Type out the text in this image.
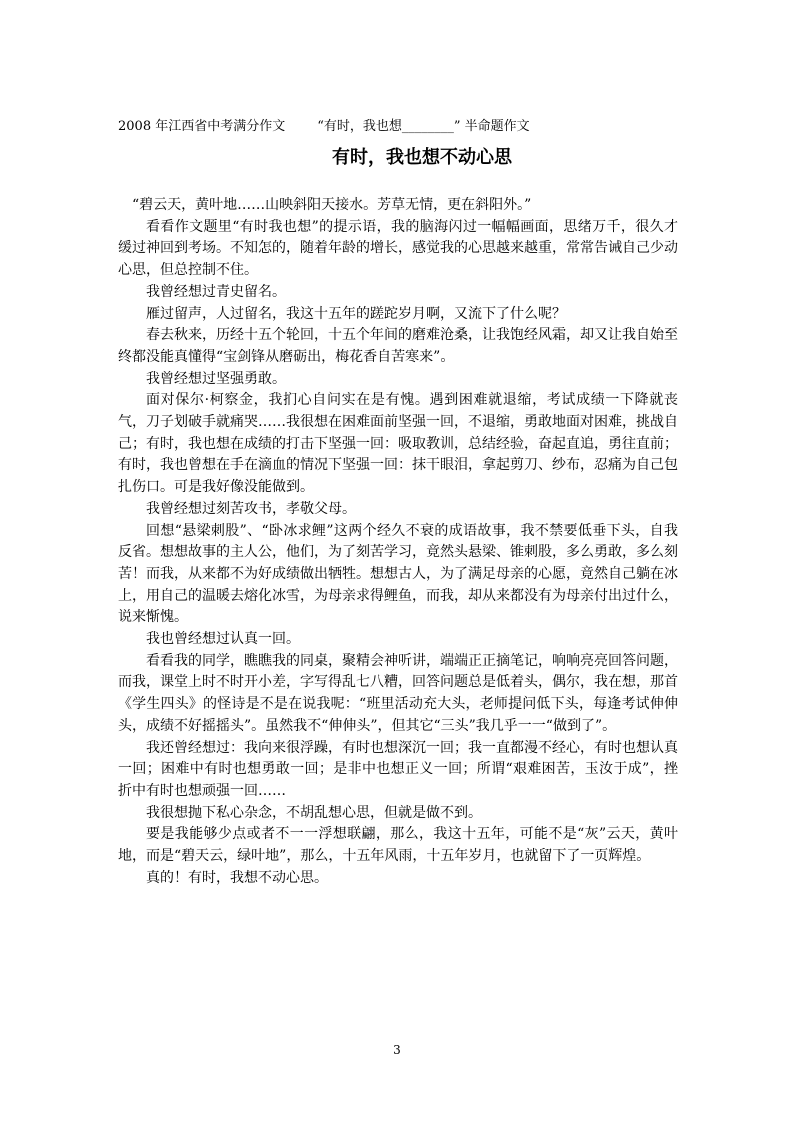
2008 年江西省中考满分作文 “有时，我也想________” 半命题作文
有时，我也想不动心思

“碧云天，黄叶地……山映斜阳天接水。芳草无情，更在斜阳外。”

看看作文题里“有时我也想”的提示语，我的脑海闪过一幅幅画面，思绪万千，很久才缓过神回到考场。不知怎的，随着年龄的增长，感觉我的心思越来越重，常常告诫自己少动心思，但总控制不住。

我曾经想过青史留名。

雁过留声，人过留名，我这十五年的蹉跎岁月啊，又流下了什么呢？

春去秋来，历经十五个轮回，十五个年间的磨难沧桑，让我饱经风霜，却又让我自始至终都没能真懂得“宝剑锋从磨砺出，梅花香自苦寒来”。

我曾经想过坚强勇敢。

面对保尔·柯察金，我扪心自问实在是有愧。遇到困难就退缩，考试成绩一下降就丧气，刀子划破手就痛哭……我很想在困难面前坚强一回，不退缩，勇敢地面对困难，挑战自己；有时，我也想在成绩的打击下坚强一回：吸取教训，总结经验，奋起直追，勇往直前；有时，我也曾想在手在滴血的情况下坚强一回：抹干眼泪，拿起剪刀、纱布，忍痛为自己包扎伤口。可是我好像没能做到。

我曾经想过刻苦攻书，孝敬父母。

回想“悬梁刺股”、“卧冰求鲤”这两个经久不衰的成语故事，我不禁要低垂下头，自我反省。想想故事的主人公，他们，为了刻苦学习，竟然头悬梁、锥刺股，多么勇敢，多么刻苦！而我，从来都不为好成绩做出牺牲。想想古人，为了满足母亲的心愿，竟然自己躺在冰上，用自己的温暖去熔化冰雪，为母亲求得鲤鱼，而我，却从来都没有为母亲付出过什么，说来惭愧。

我也曾经想过认真一回。

看看我的同学，瞧瞧我的同桌，聚精会神听讲，端端正正摘笔记，响响亮亮回答问题，而我，课堂上时不时开小差，字写得乱七八糟，回答问题总是低着头，偶尔，我在想，那首《学生四头》的怪诗是不是在说我呢：“班里活动充大头，老师提问低下头，每逢考试伸伸头，成绩不好摇摇头”。虽然我不“伸伸头”，但其它“三头”我几乎一一“做到了”。

我还曾经想过：我向来很浮躁，有时也想深沉一回；我一直都漫不经心，有时也想认真一回；困难中有时也想勇敢一回；是非中也想正义一回；所谓“艰难困苦，玉汝于成”，挫折中有时也想顽强一回……

我很想抛下私心杂念，不胡乱想心思，但就是做不到。

要是我能够少点或者不一一浮想联翩，那么，我这十五年，可能不是“灰”云天，黄叶地，而是“碧天云，绿叶地”，那么，十五年风雨，十五年岁月，也就留下了一页辉煌。

真的！有时，我想不动心思。

3
